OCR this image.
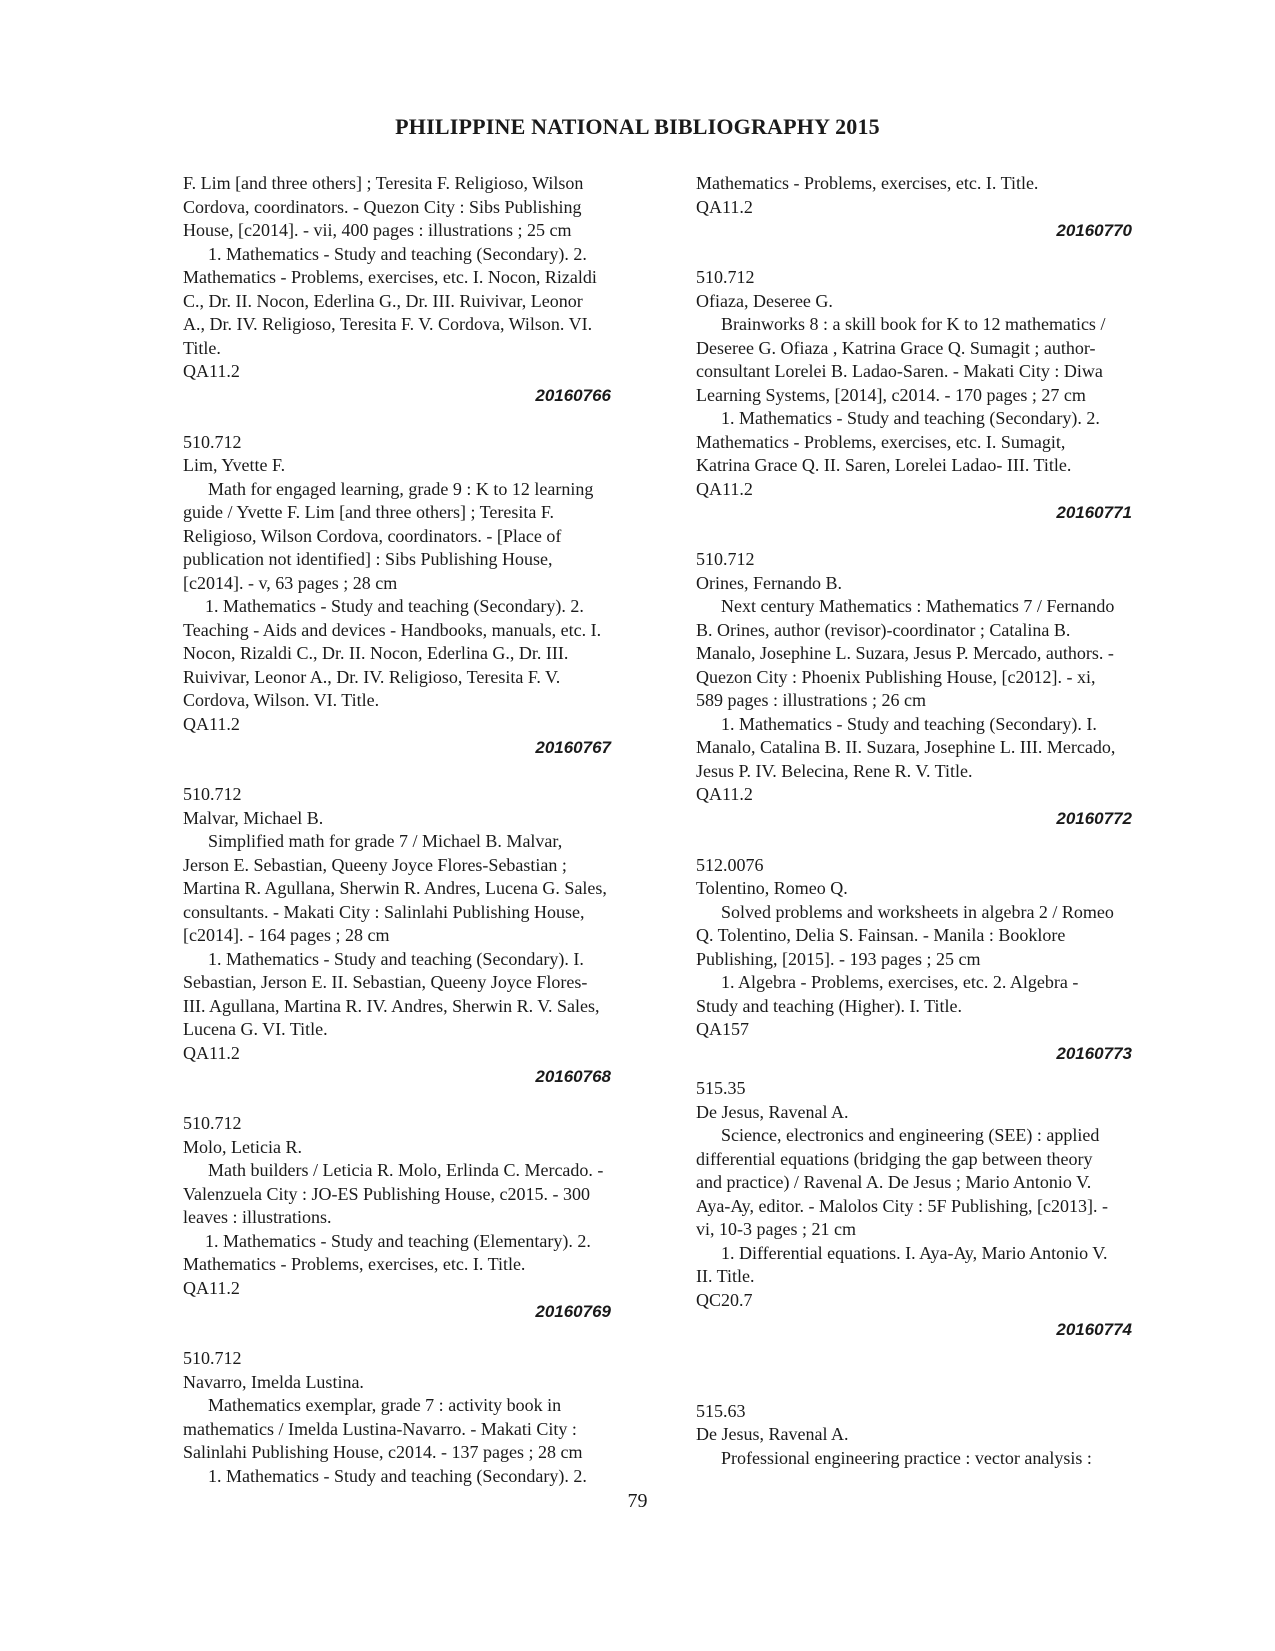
PHILIPPINE NATIONAL BIBLIOGRAPHY 2015
F. Lim [and three others] ; Teresita F. Religioso, Wilson
Cordova, coordinators. - Quezon City : Sibs Publishing
House, [c2014]. - vii, 400 pages : illustrations ; 25 cm
1. Mathematics - Study and teaching (Secondary). 2.
Mathematics - Problems, exercises, etc. I. Nocon, Rizaldi
C., Dr. II. Nocon, Ederlina G., Dr. III. Ruivivar, Leonor
A., Dr. IV. Religioso, Teresita F. V. Cordova, Wilson. VI.
Title.
QA11.2
20160766
510.712
Lim, Yvette F.
Math for engaged learning, grade 9 : K to 12 learning
guide / Yvette F. Lim [and three others] ; Teresita F.
Religioso, Wilson Cordova, coordinators. - [Place of
publication not identified] : Sibs Publishing House,
[c2014]. - v, 63 pages ; 28 cm
1. Mathematics - Study and teaching (Secondary). 2.
Teaching - Aids and devices - Handbooks, manuals, etc. I.
Nocon, Rizaldi C., Dr. II. Nocon, Ederlina G., Dr. III.
Ruivivar, Leonor A., Dr. IV. Religioso, Teresita F. V.
Cordova, Wilson. VI. Title.
QA11.2
20160767
510.712
Malvar, Michael B.
Simplified math for grade 7 / Michael B. Malvar,
Jerson E. Sebastian, Queeny Joyce Flores-Sebastian ;
Martina R. Agullana, Sherwin R. Andres, Lucena G. Sales,
consultants. - Makati City : Salinlahi Publishing House,
[c2014]. - 164 pages ; 28 cm
1. Mathematics - Study and teaching (Secondary). I.
Sebastian, Jerson E. II. Sebastian, Queeny Joyce Flores-
III. Agullana, Martina R. IV. Andres, Sherwin R. V. Sales,
Lucena G. VI. Title.
QA11.2
20160768
510.712
Molo, Leticia R.
Math builders / Leticia R. Molo, Erlinda C. Mercado. -
Valenzuela City : JO-ES Publishing House, c2015. - 300
leaves : illustrations.
1. Mathematics - Study and teaching (Elementary). 2.
Mathematics - Problems, exercises, etc. I. Title.
QA11.2
20160769
510.712
Navarro, Imelda Lustina.
Mathematics exemplar, grade 7 : activity book in
mathematics / Imelda Lustina-Navarro. - Makati City :
Salinlahi Publishing House, c2014. - 137 pages ; 28 cm
1. Mathematics - Study and teaching (Secondary). 2.
Mathematics - Problems, exercises, etc. I. Title.
QA11.2
20160770
510.712
Ofiaza, Deseree G.
Brainworks 8 : a skill book for K to 12 mathematics /
Deseree G. Ofiaza , Katrina Grace Q. Sumagit ; author-
consultant Lorelei B. Ladao-Saren. - Makati City : Diwa
Learning Systems, [2014], c2014. - 170 pages ; 27 cm
1. Mathematics - Study and teaching (Secondary). 2.
Mathematics - Problems, exercises, etc. I. Sumagit,
Katrina Grace Q. II. Saren, Lorelei Ladao- III. Title.
QA11.2
20160771
510.712
Orines, Fernando B.
Next century Mathematics : Mathematics 7 / Fernando
B. Orines, author (revisor)-coordinator ; Catalina B.
Manalo, Josephine L. Suzara, Jesus P. Mercado, authors. -
Quezon City : Phoenix Publishing House, [c2012]. - xi,
589 pages : illustrations ; 26 cm
1. Mathematics - Study and teaching (Secondary). I.
Manalo, Catalina B. II. Suzara, Josephine L. III. Mercado,
Jesus P. IV. Belecina, Rene R. V. Title.
QA11.2
20160772
512.0076
Tolentino, Romeo Q.
Solved problems and worksheets in algebra 2 / Romeo
Q. Tolentino, Delia S. Fainsan. - Manila : Booklore
Publishing, [2015]. - 193 pages ; 25 cm
1. Algebra - Problems, exercises, etc. 2. Algebra -
Study and teaching (Higher). I. Title.
QA157
20160773
515.35
De Jesus, Ravenal A.
Science, electronics and engineering (SEE) : applied
differential equations (bridging the gap between theory
and practice) / Ravenal A. De Jesus ; Mario Antonio V.
Aya-Ay, editor. - Malolos City : 5F Publishing, [c2013]. -
vi, 10-3 pages ; 21 cm
1. Differential equations. I. Aya-Ay, Mario Antonio V.
II. Title.
QC20.7
20160774
515.63
De Jesus, Ravenal A.
Professional engineering practice : vector analysis :
79
